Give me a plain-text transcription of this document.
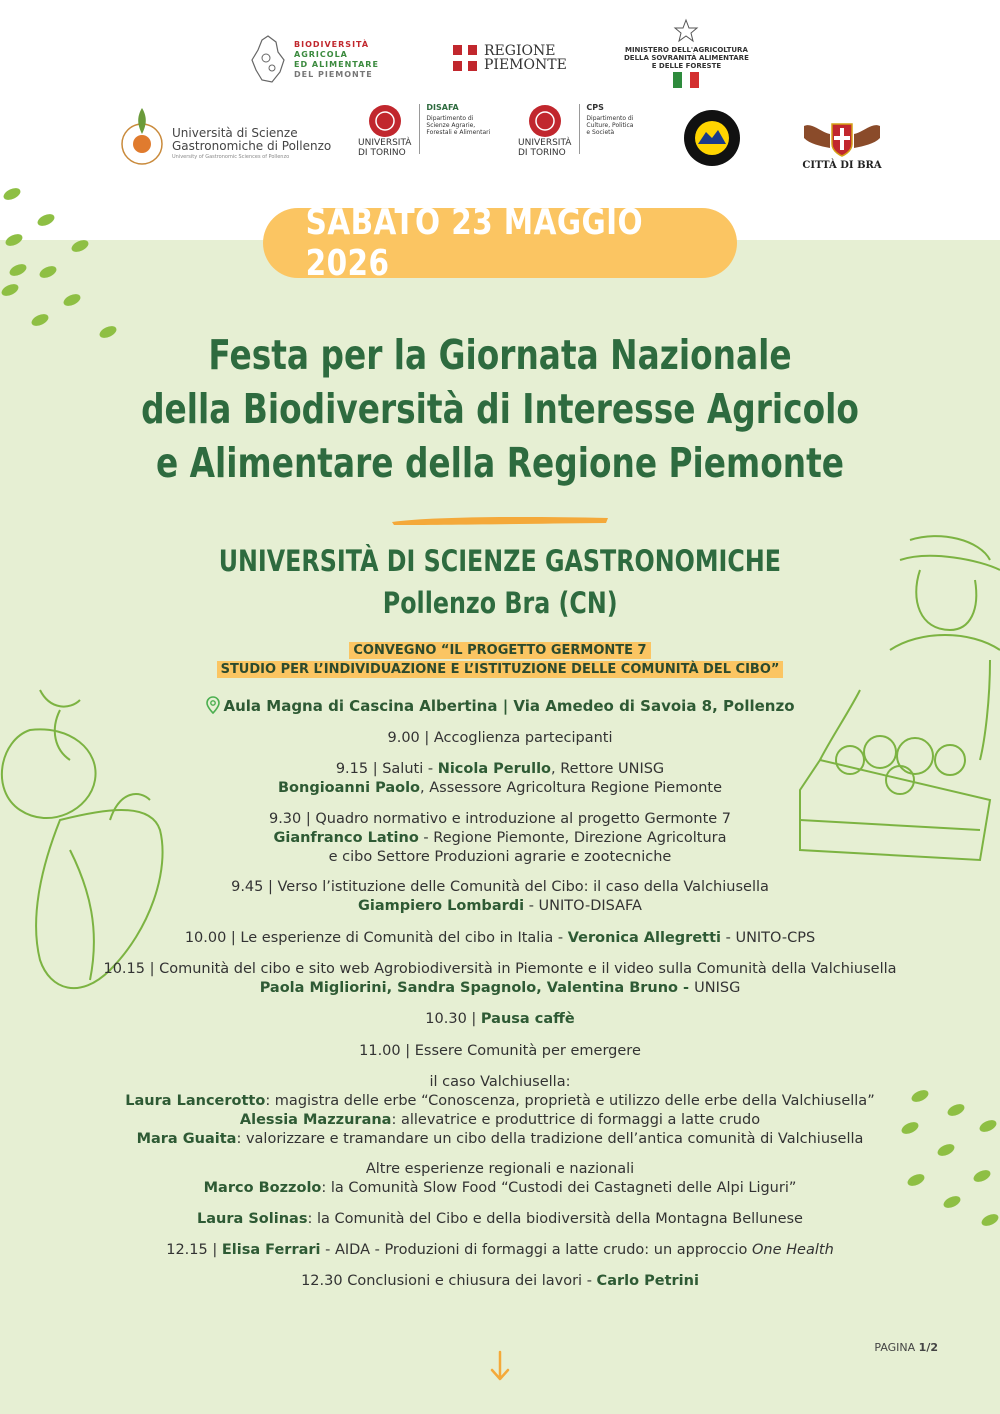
BIODIVERSITÀ
AGRICOLA
ED ALIMENTARE
DEL PIEMONTE
REGIONE
PIEMONTE
MINISTERO DELL'AGRICOLTURA
DELLA SOVRANITÀ ALIMENTARE
E DELLE FORESTE
Università di Scienze
Gastronomiche di Pollenzo
University of Gastronomic Sciences of Pollenzo
UNIVERSITÀ
DI TORINO
DISAFA
Dipartimento di
Scienze Agrarie,
Forestali e Alimentari
UNIVERSITÀ
DI TORINO
CPS
Dipartimento di
Culture, Politica
e Società
CITTÀ DI BRA
SABATO 23 MAGGIO 2026
Festa per la Giornata Nazionale
della Biodiversità di Interesse Agricolo
e Alimentare della Regione Piemonte
UNIVERSITÀ DI SCIENZE GASTRONOMICHE
Pollenzo Bra (CN)
CONVEGNO “IL PROGETTO GERMONTE 7
STUDIO PER L’INDIVIDUAZIONE E L’ISTITUZIONE DELLE COMUNITÀ DEL CIBO”
Aula Magna di Cascina Albertina | Via Amedeo di Savoia 8, Pollenzo
9.00 | Accoglienza partecipanti
9.15 | Saluti - Nicola Perullo, Rettore UNISG
Bongioanni Paolo, Assessore Agricoltura Regione Piemonte
9.30 | Quadro normativo e introduzione al progetto Germonte 7
Gianfranco Latino - Regione Piemonte, Direzione Agricoltura
e cibo Settore Produzioni agrarie e zootecniche
9.45 | Verso l’istituzione delle Comunità del Cibo: il caso della Valchiusella
Giampiero Lombardi - UNITO-DISAFA
10.00 | Le esperienze di Comunità del cibo in Italia - Veronica Allegretti - UNITO-CPS
10.15 | Comunità del cibo e sito web Agrobiodiversità in Piemonte e il video sulla Comunità della Valchiusella
Paola Migliorini, Sandra Spagnolo, Valentina Bruno - UNISG
10.30 | Pausa caffè
11.00 | Essere Comunità per emergere
il caso Valchiusella:
Laura Lancerotto: magistra delle erbe “Conoscenza, proprietà e utilizzo delle erbe della Valchiusella”
Alessia Mazzurana: allevatrice e produttrice di formaggi a latte crudo
Mara Guaita: valorizzare e tramandare un cibo della tradizione dell’antica comunità di Valchiusella
Altre esperienze regionali e nazionali
Marco Bozzolo: la Comunità Slow Food “Custodi dei Castagneti delle Alpi Liguri”
Laura Solinas: la Comunità del Cibo e della biodiversità della Montagna Bellunese
12.15 | Elisa Ferrari - AIDA - Produzioni di formaggi a latte crudo: un approccio One Health
12.30 Conclusioni e chiusura dei lavori - Carlo Petrini
PAGINA 1/2
